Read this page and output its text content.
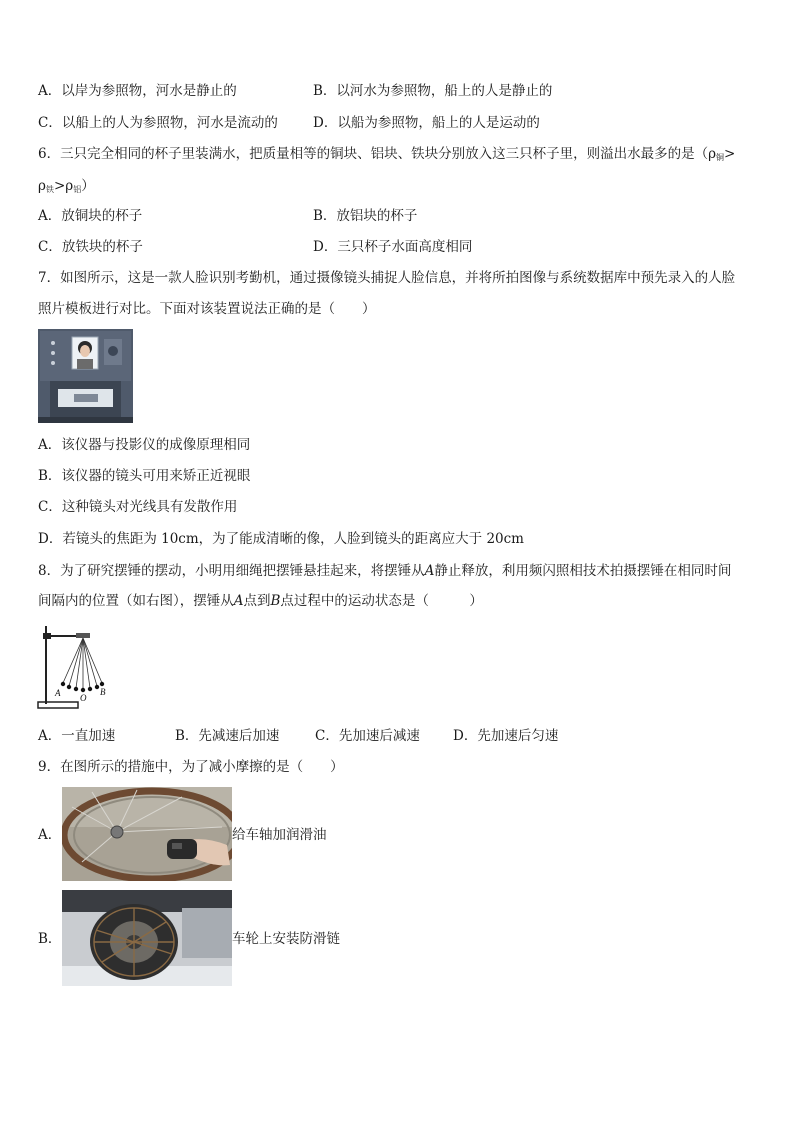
A．以岸为参照物，河水是静止的	B．以河水为参照物，船上的人是静止的
C．以船上的人为参照物，河水是流动的	D．以船为参照物，船上的人是运动的
6．三只完全相同的杯子里装满水，把质量相等的铜块、铝块、铁块分别放入这三只杯子里，则溢出水最多的是（$\rho_铜>$
$\rho_铁>\rho_铝$）
A．放铜块的杯子	B．放铝块的杯子
C．放铁块的杯子	D．三只杯子水面高度相同
7．如图所示，这是一款人脸识别考勤机，通过摄像镜头捕捉人脸信息，并将所拍图像与系统数据库中预先录入的人脸
照片模板进行对比。下面对该装置说法正确的是（　　）
A．该仪器与投影仪的成像原理相同
B．该仪器的镜头可用来矫正近视眼
C．这种镜头对光线具有发散作用
D．若镜头的焦距为 10cm，为了能成清晰的像，人脸到镜头的距离应大于 20cm
8．为了研究摆锤的摆动，小明用细绳把摆锤悬挂起来，将摆锤从A静止释放，利用频闪照相技术拍摄摆锤在相同时间
间隔内的位置（如右图），摆锤从A点到B点过程中的运动状态是（　　　）
A O
B
A．一直加速	B．先减速后加速	C．先加速后减速 D．先加速后匀速
9．在图所示的措施中，为了减小摩擦的是（　　）
A．	给车轴加润滑油
B．	车轮上安装防滑链
